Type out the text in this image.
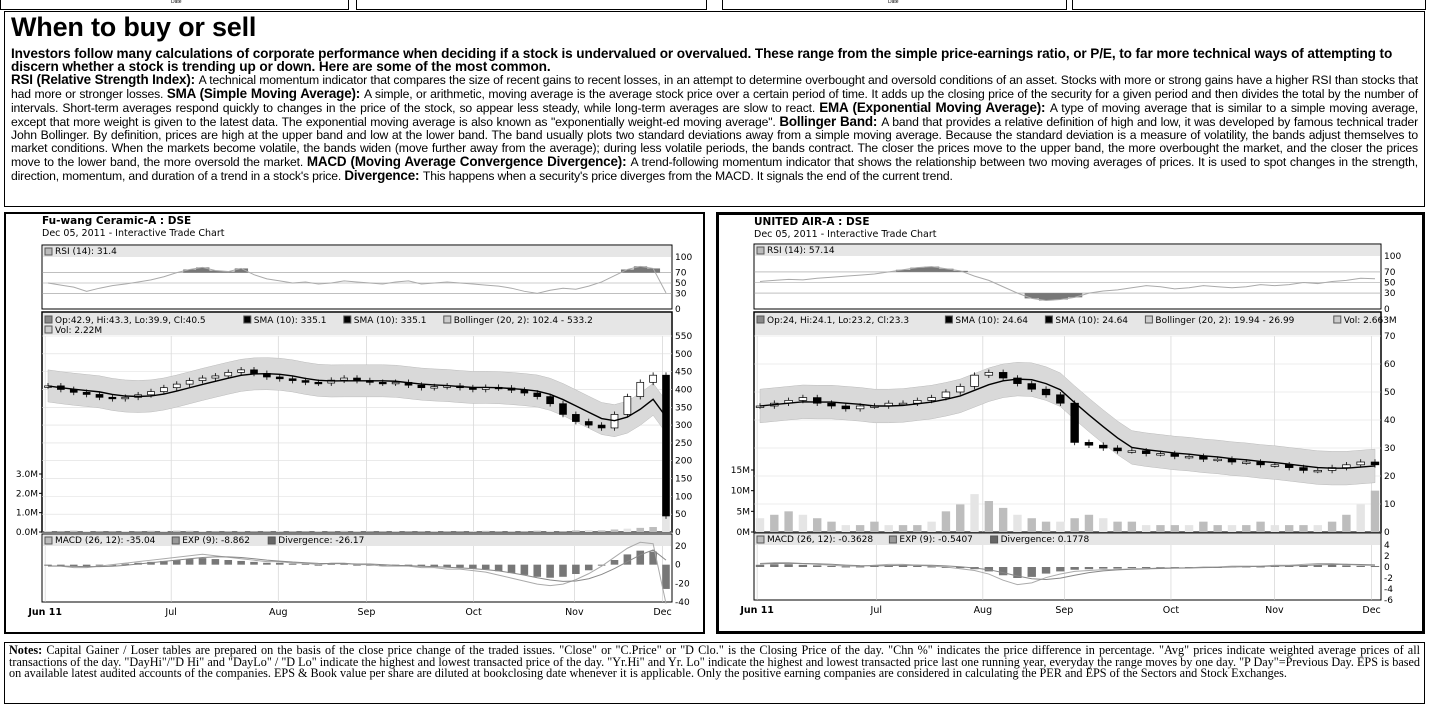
Date	Date
When to buy or sell

Investors follow many calculations of corporate performance when deciding if a stock is undervalued or overvalued. These range from the simple price-earnings ratio, or P/E, to far more technical ways of attempting to discern whether a stock is trending up or down. Here are some of the most common.

RSI (Relative Strength Index): A technical momentum indicator that compares the size of recent gains to recent losses, in an attempt to determine overbought and oversold conditions of an asset. Stocks with more or strong gains have a higher RSI than stocks that had more or stronger losses. SMA (Simple Moving Average): A simple, or arithmetic, moving average is the average stock price over a certain period of time. It adds up the closing price of the security for a given period and then divides the total by the number of intervals. Short-term averages respond quickly to changes in the price of the stock, so appear less steady, while long-term averages are slow to react. EMA (Exponential Moving Average): A type of moving average that is similar to a simple moving average, except that more weight is given to the latest data. The exponential moving average is also known as "exponentially weight-ed moving average". Bollinger Band: A band that provides a relative definition of high and low, it was developed by famous technical trader John Bollinger. By definition, prices are high at the upper band and low at the lower band. The band usually plots two standard deviations away from a simple moving average. Because the standard deviation is a measure of volatility, the bands adjust themselves to market conditions. When the markets become volatile, the bands widen (move further away from the average); during less volatile periods, the bands contract. The closer the prices move to the upper band, the more overbought the market, and the closer the prices move to the lower band, the more oversold the market. MACD (Moving Average Convergence Divergence): A trend-following momentum indicator that shows the relationship between two moving averages of prices. It is used to spot changes in the strength, direction, momentum, and duration of a trend in a stock's price. Divergence: This happens when a security's price diverges from the MACD. It signals the end of the current trend.

Fu-wang Ceramic-A : DSE
Dec 05, 2011 - Interactive Trade Chart
RSI (14): 31.4
100
70
50
30
0
550
500
450
400
350
300
250
200
150
100
50
0
Op:42.9, Hi:43.3, Lo:39.9, Cl:40.5	SMA (10): 335.1	SMA (10): 335.1	Bollinger (20, 2): 102.4 - 533.2
Vol: 2.22M
3.0M
2.0M
1.0M
0.0M
MACD (26, 12): -35.04	EXP (9): -8.862	Divergence: -26.17
20
0
-20
-40
Jun 11	Jul	Aug	Sep	Oct	Nov	Dec
UNITED AIR-A : DSE
Dec 05, 2011 - Interactive Trade Chart
RSI (14): 57.14
100
70
50
30
0
70
60
50
40
30
20
10
0
Op:24, Hi:24.1, Lo:23.2, Cl:23.3	SMA (10): 24.64	SMA (10): 24.64	Bollinger (20, 2): 19.94 - 26.99	Vol: 2.663M
15M
10M
5M
0M
MACD (26, 12): -0.3628	EXP (9): -0.5407	Divergence: 0.1778
4
2
0
-2
-4
-6
Jun 11	Jul	Aug	Sep	Oct	Nov	Dec
Notes: Capital Gainer / Loser tables are prepared on the basis of the close price change of the traded issues. "Close" or "C.Price" or "D Clo." is the Closing Price of the day. "Chn %" indicates the price difference in percentage. "Avg" prices indicate weighted average prices of all transactions of the day. "DayHi"/"D Hi" and "DayLo" / "D Lo" indicate the highest and lowest transacted price of the day. "Yr.Hi" and Yr. Lo" indicate the highest and lowest transacted price last one running year, everyday the range moves by one day. "P Day"=Previous Day. EPS is based on available latest audited accounts of the companies. EPS & Book value per share are diluted at bookclosing date whenever it is applicable. Only the positive earning companies are considered in calculating the PER and EPS of the Sectors and Stock Exchanges.
